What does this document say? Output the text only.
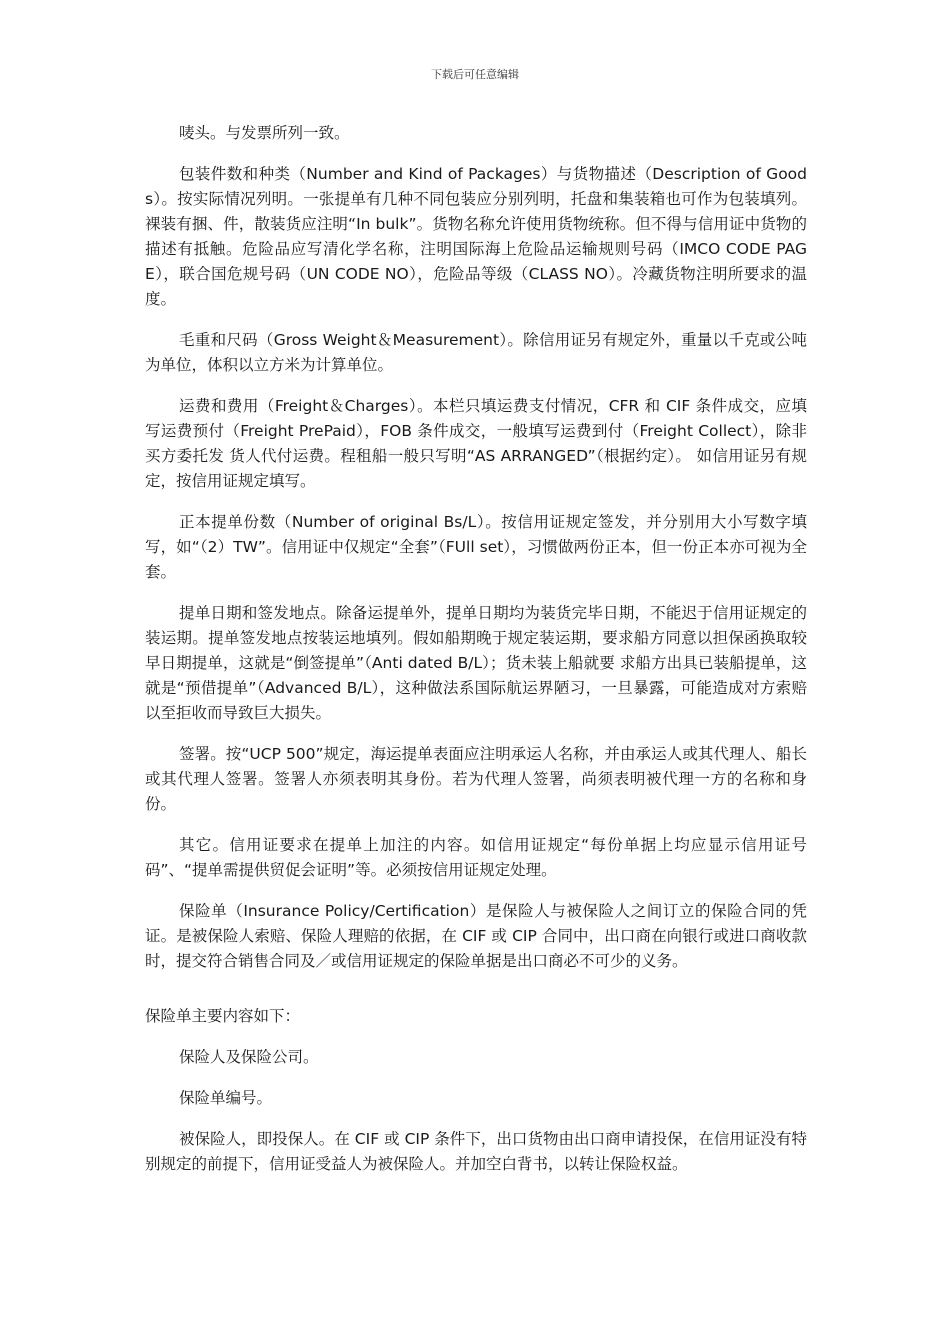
下载后可任意编辑

唛头。与发票所列一致。

包装件数和种类（Number and Kind of Packages）与货物描述（Description of Goods）。按实际情况列明。一张提单有几种不同包装应分别列明，托盘和集装箱也可作为包装填列。裸装有捆、件，散装货应注明“In bulk”。货物名称允许使用货物统称。但不得与信用证中货物的描述有抵触。危险品应写清化学名称，注明国际海上危险品运输规则号码（IMCO CODE PAGE），联合国危规号码（UN CODE NO），危险品等级（CLASS NO）。冷藏货物注明所要求的温度。

毛重和尺码（Gross Weight＆Measurement）。除信用证另有规定外，重量以千克或公吨为单位，体积以立方米为计算单位。

运费和费用（Freight＆Charges）。本栏只填运费支付情况，CFR 和 CIF 条件成交，应填写运费预付（Freight PrePaid），FOB 条件成交，一般填写运费到付（Freight Collect），除非买方委托发 货人代付运费。程租船一般只写明“AS ARRANGED”（根据约定）。 如信用证另有规定，按信用证规定填写。

正本提单份数（Number of original Bs/L）。按信用证规定签发，并分别用大小写数字填写，如“（2）TW”。信用证中仅规定“全套”（FUll set），习惯做两份正本，但一份正本亦可视为全套。

提单日期和签发地点。除备运提单外，提单日期均为装货完毕日期，不能迟于信用证规定的装运期。提单签发地点按装运地填列。假如船期晚于规定装运期，要求船方同意以担保函换取较早日期提单，这就是“倒签提单”（Anti dated B/L）；货未装上船就要 求船方出具已装船提单，这就是“预借提单”（Advanced B/L），这种做法系国际航运界陋习，一旦暴露，可能造成对方索赔以至拒收而导致巨大损失。

签署。按“UCP 500”规定，海运提单表面应注明承运人名称，并由承运人或其代理人、船长或其代理人签署。签署人亦须表明其身份。若为代理人签署，尚须表明被代理一方的名称和身份。

其它。信用证要求在提单上加注的内容。如信用证规定“每份单据上均应显示信用证号码”、“提单需提供贸促会证明”等。必须按信用证规定处理。

保险单（Insurance Policy/Certification）是保险人与被保险人之间订立的保险合同的凭证。是被保险人索赔、保险人理赔的依据，在 CIF 或 CIP 合同中，出口商在向银行或进口商收款时，提交符合销售合同及／或信用证规定的保险单据是出口商必不可少的义务。

保险单主要内容如下：

保险人及保险公司。

保险单编号。

被保险人，即投保人。在 CIF 或 CIP 条件下，出口货物由出口商申请投保，在信用证没有特别规定的前提下，信用证受益人为被保险人。并加空白背书，以转让保险权益。
